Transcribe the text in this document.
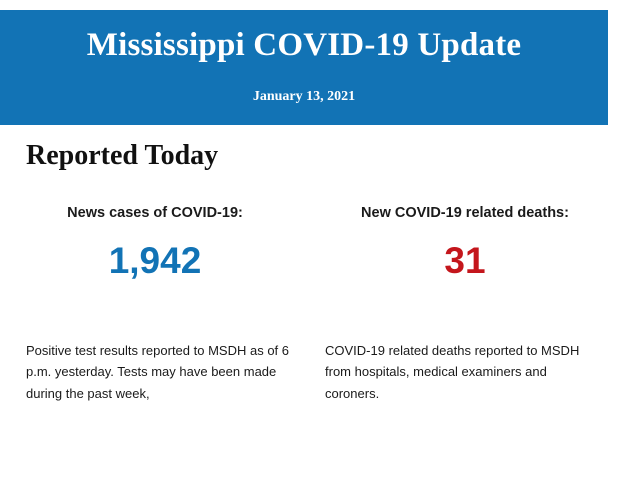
Mississippi COVID-19 Update
January 13, 2021
Reported Today
News cases of COVID-19:
1,942
New COVID-19 related deaths:
31
Positive test results reported to MSDH as of 6 p.m. yesterday. Tests may have been made during the past week,
COVID-19 related deaths reported to MSDH from hospitals, medical examiners and coroners.
